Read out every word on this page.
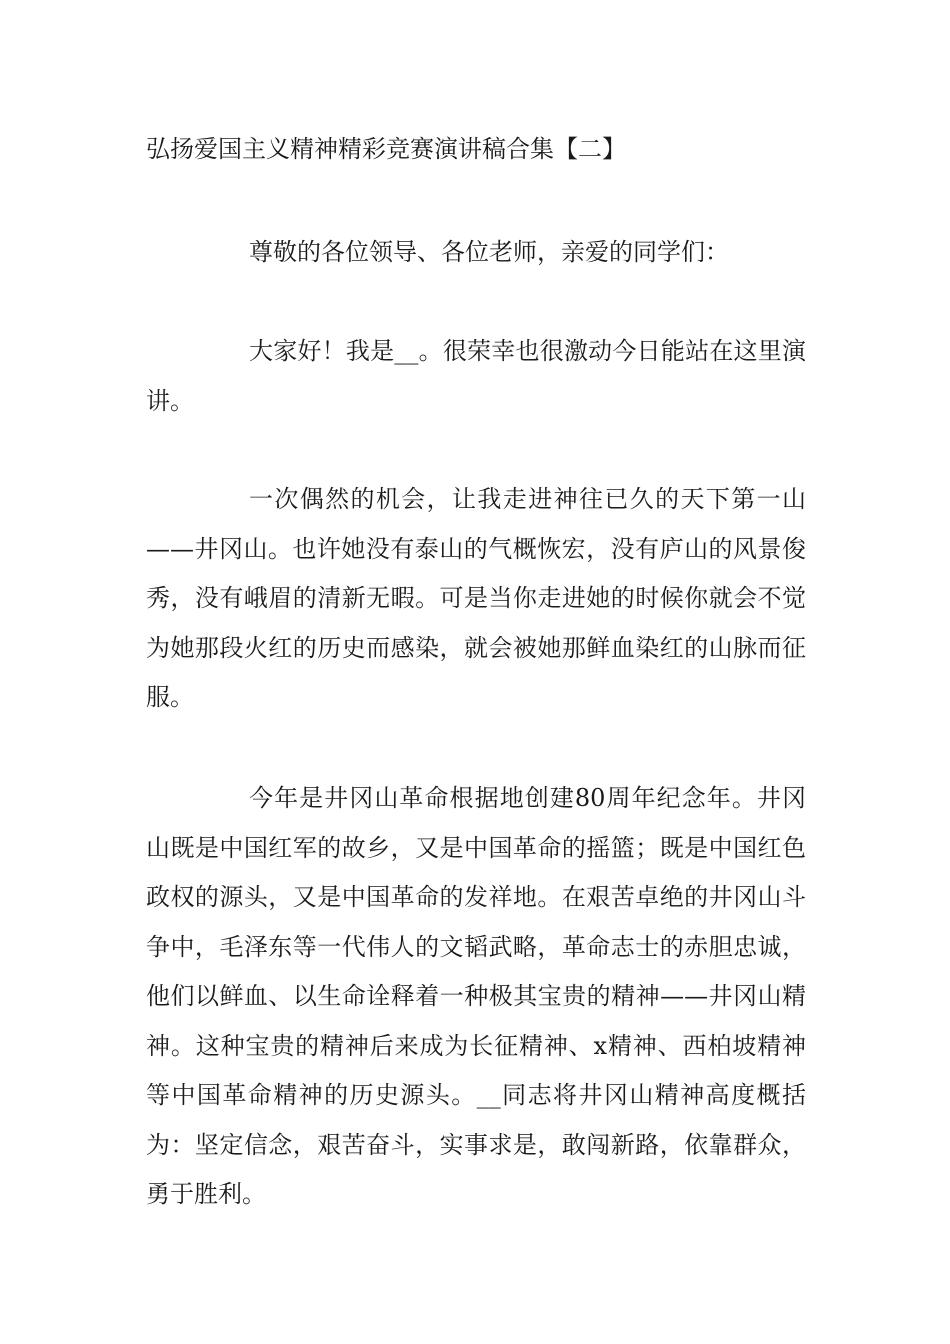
弘扬爱国主义精神精彩竞赛演讲稿合集【二】

尊敬的各位领导、各位老师，亲爱的同学们：

大家好！我是__。很荣幸也很激动今日能站在这里演讲。

一次偶然的机会，让我走进神往已久的天下第一山——井冈山。也许她没有泰山的气概恢宏，没有庐山的风景俊秀，没有峨眉的清新无暇。可是当你走进她的时候你就会不觉为她那段火红的历史而感染，就会被她那鲜血染红的山脉而征服。

今年是井冈山革命根据地创建80周年纪念年。井冈山既是中国红军的故乡，又是中国革命的摇篮；既是中国红色政权的源头，又是中国革命的发祥地。在艰苦卓绝的井冈山斗争中，毛泽东等一代伟人的文韬武略，革命志士的赤胆忠诚，他们以鲜血、以生命诠释着一种极其宝贵的精神——井冈山精神。这种宝贵的精神后来成为长征精神、x精神、西柏坡精神等中国革命精神的历史源头。__同志将井冈山精神高度概括为：坚定信念，艰苦奋斗，实事求是，敢闯新路，依靠群众，勇于胜利。
